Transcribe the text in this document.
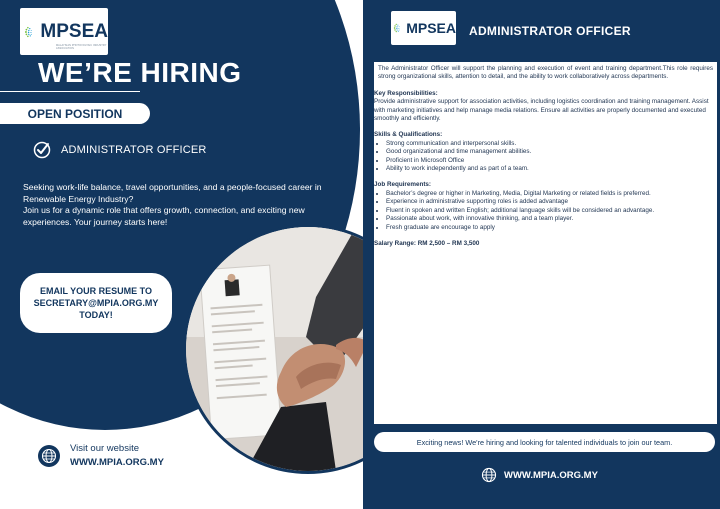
MPSEA
MALAYSIAN PHOTOVOLTAIC INDUSTRY ASSOCIATION
WE’RE HIRING
OPEN POSITION
ADMINISTRATOR OFFICER

Seeking work-life balance, travel opportunities, and a people-focused career in Renewable Energy Industry?

Join us for a dynamic role that offers growth, connection, and exciting new experiences. Your journey starts here!

EMAIL YOUR RESUME TO
SECRETARY@MPIA.ORG.MY
TODAY!
Visit our website
WWW.MPIA.ORG.MY
MPSEA ADMINISTRATOR OFFICER

The Administrator Officer will support the planning and execution of event and training department.This role requires strong organizational skills, attention to detail, and the ability to work collaboratively across departments.

Key Responsibilities:
Provide administrative support for association activities, including logistics coordination and training management. Assist with marketing initiatives and help manage media relations. Ensure all activities are properly documented and executed smoothly and efficiently.
Skills & Qualifications:
• Strong communication and interpersonal skills.
• Good organizational and time management abilities.
• Proficient in Microsoft Office
• Ability to work independently and as part of a team.
Job Requirements:
• Bachelor’s degree or higher in Marketing, Media, Digital Marketing or related fields is preferred.
• Experience in administrative supporting roles is added advantage
• Fluent in spoken and written English; additional language skills will be considered an advantage.
• Passionate about work, with innovative thinking, and a team player.
• Fresh graduate are encourage to apply
Salary Range: RM 2,500 – RM 3,500
Exciting news! We're hiring and looking for talented individuals to join our team.
WWW.MPIA.ORG.MY
